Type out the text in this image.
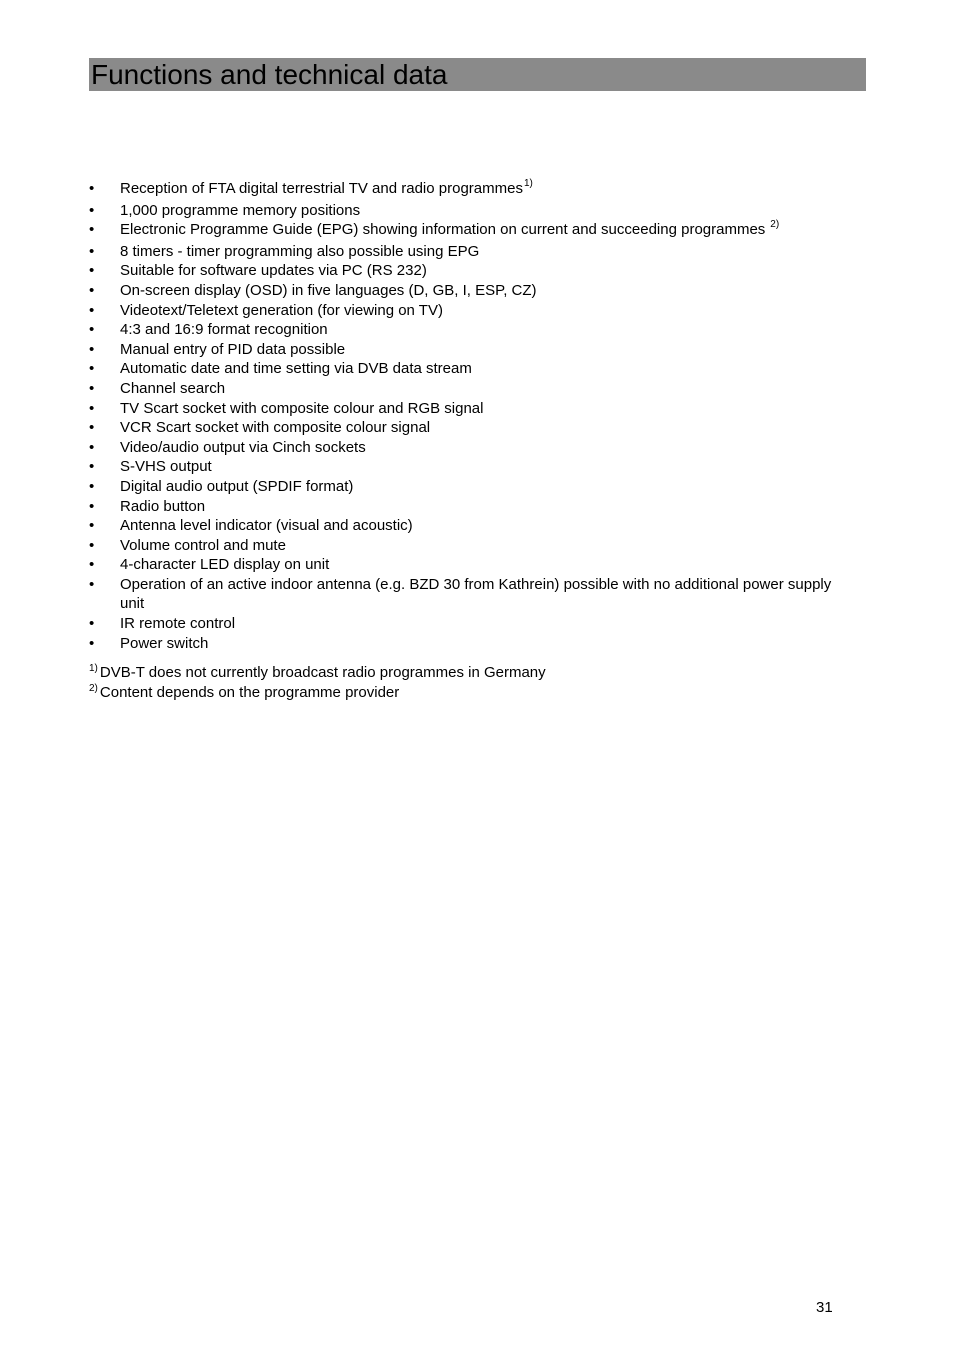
Functions and technical data
• Reception of FTA digital terrestrial TV and radio programmes$^{1)}$
• 1,000 programme memory positions
• Electronic Programme Guide (EPG) showing information on current and succeeding programmes $^{2)}$
• 8 timers - timer programming also possible using EPG
• Suitable for software updates via PC (RS 232)
• On-screen display (OSD) in five languages (D, GB, I, ESP, CZ)
• Videotext/Teletext generation (for viewing on TV)
• 4:3 and 16:9 format recognition
• Manual entry of PID data possible
• Automatic date and time setting via DVB data stream
• Channel search
• TV Scart socket with composite colour and RGB signal
• VCR Scart socket with composite colour signal
• Video/audio output via Cinch sockets
• S-VHS output
• Digital audio output (SPDIF format)
• Radio button
• Antenna level indicator (visual and acoustic)
• Volume control and mute
• 4-character LED display on unit
• Operation of an active indoor antenna (e.g. BZD 30 from Kathrein) possible with no additional power supply unit
• IR remote control
• Power switch
$^{1)}$ DVB-T does not currently broadcast radio programmes in Germany
$^{2)}$ Content depends on the programme provider
31
